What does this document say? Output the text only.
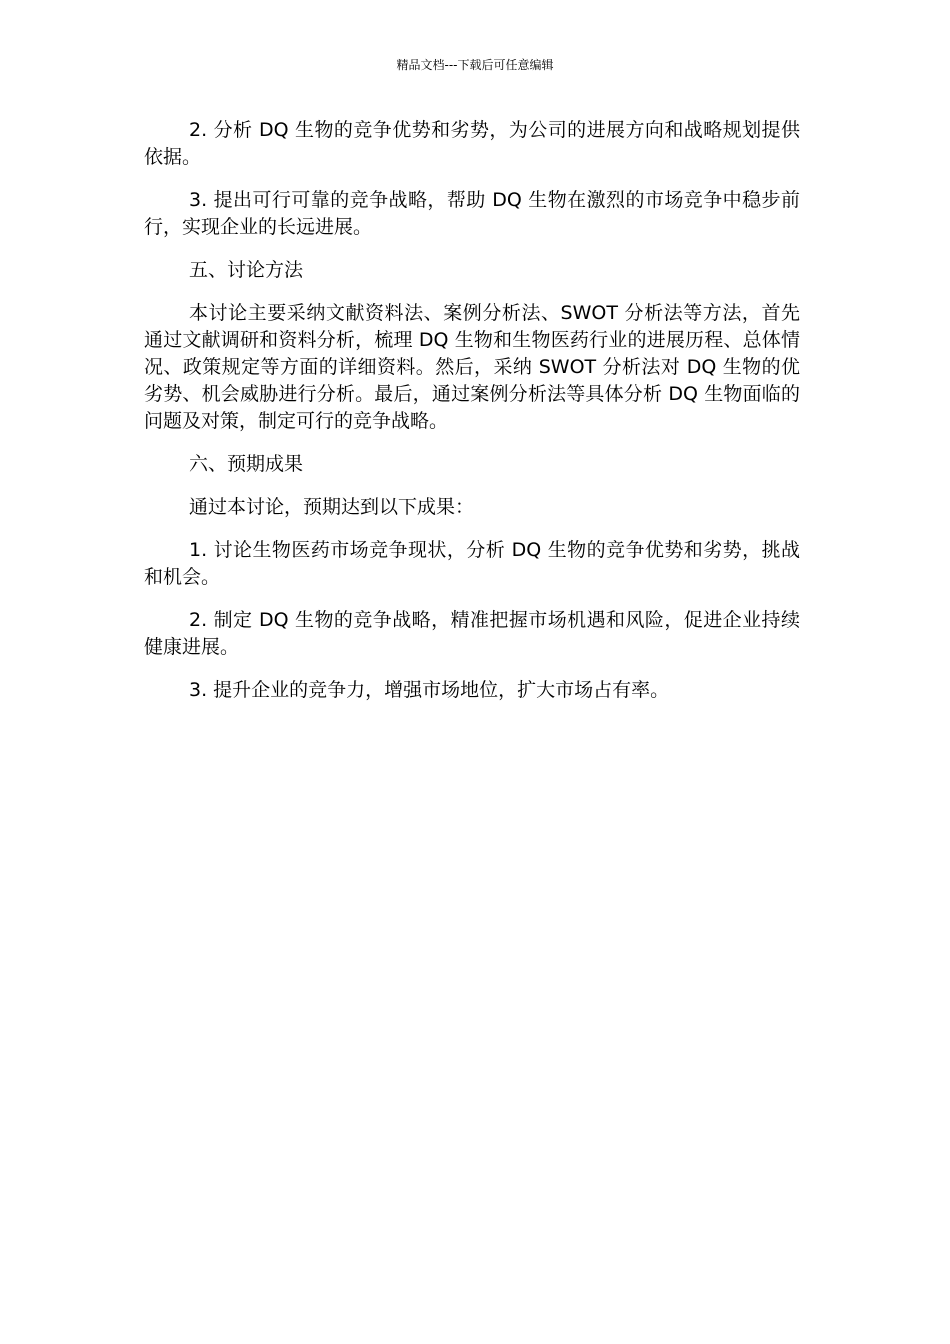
精品文档---下载后可任意编辑

2. 分析 DQ 生物的竞争优势和劣势，为公司的进展方向和战略规划提供依据。

3. 提出可行可靠的竞争战略，帮助 DQ 生物在激烈的市场竞争中稳步前行，实现企业的长远进展。

五、讨论方法

本讨论主要采纳文献资料法、案例分析法、SWOT 分析法等方法，首先通过文献调研和资料分析，梳理 DQ 生物和生物医药行业的进展历程、总体情况、政策规定等方面的详细资料。然后，采纳 SWOT 分析法对 DQ 生物的优劣势、机会威胁进行分析。最后，通过案例分析法等具体分析 DQ 生物面临的问题及对策，制定可行的竞争战略。

六、预期成果

通过本讨论，预期达到以下成果：

1. 讨论生物医药市场竞争现状，分析 DQ 生物的竞争优势和劣势，挑战和机会。

2. 制定 DQ 生物的竞争战略，精准把握市场机遇和风险，促进企业持续健康进展。

3. 提升企业的竞争力，增强市场地位，扩大市场占有率。
